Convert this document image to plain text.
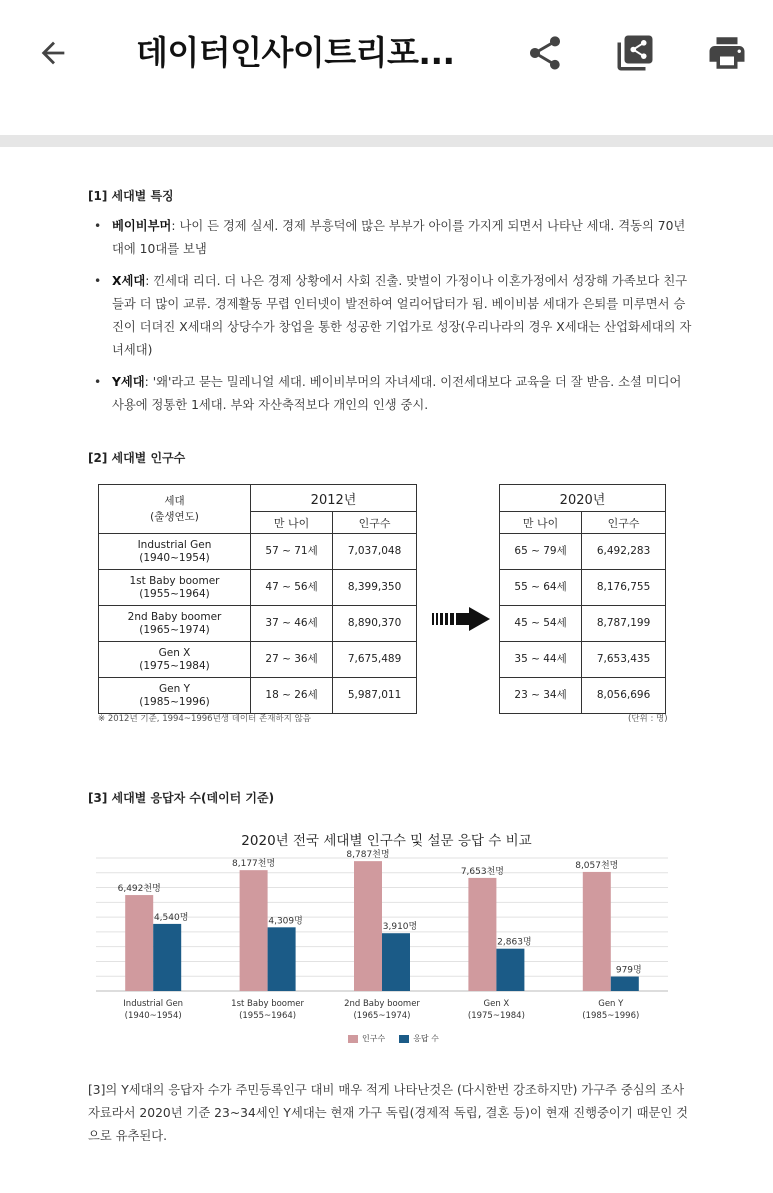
데이터인사이트리포...
[1] 세대별 특징
• 베이비부머: 나이 든 경제 실세. 경제 부흥덕에 많은 부부가 아이를 가지게 되면서 나타난 세대. 격동의 70년대에 10대를 보냄
• X세대: 낀세대 리더. 더 나은 경제 상황에서 사회 진출. 맞벌이 가정이나 이혼가정에서 성장해 가족보다 친구들과 더 많이 교류. 경제활동 무렵 인터넷이 발전하여 얼리어답터가 됨. 베이비붐 세대가 은퇴를 미루면서 승진이 더뎌진 X세대의 상당수가 창업을 통한 성공한 기업가로 성장(우리나라의 경우 X세대는 산업화세대의 자녀세대)
• Y세대: '왜'라고 묻는 밀레니얼 세대. 베이비부머의 자녀세대. 이전세대보다 교육을 더 잘 받음. 소셜 미디어 사용에 정통한 1세대. 부와 자산축적보다 개인의 인생 중시.
[2] 세대별 인구수
세대
(출생연도)	2012년	
	만 나이	인구수
Industrial Gen
(1940~1954)	57 ~ 71세	7,037,048
1st Baby boomer
(1955~1964)	47 ~ 56세	8,399,350
2nd Baby boomer
(1965~1974)	37 ~ 46세	8,890,370
Gen X
(1975~1984)	27 ~ 36세	7,675,489
Gen Y
(1985~1996)	18 ~ 26세	5,987,011
2020년	
만 나이	인구수
65 ~ 79세	6,492,283
55 ~ 64세	8,176,755
45 ~ 54세	8,787,199
35 ~ 44세	7,653,435
23 ~ 34세	8,056,696
※ 2012년 기준, 1994~1996년생 데이터 존재하지 않음	(단위 : 명)
[3] 세대별 응답자 수(데이터 기준)
2020년 전국 세대별 인구수 및 설문 응답 수 비교
6,492천명
4,540명
Industrial Gen
(1940~1954)
8,177천명
4,309명
1st Baby boomer
(1955~1964)
8,787천명
3,910명
2nd Baby boomer
(1965~1974)
7,653천명
2,863명
Gen X
(1975~1984)
8,057천명
979명
Gen Y
(1985~1996)
인구수	응답 수
[3]의 Y세대의 응답자 수가 주민등록인구 대비 매우 적게 나타난것은 (다시한번 강조하지만) 가구주 중심의 조사 자료라서 2020년 기준 23~34세인 Y세대는 현재 가구 독립(경제적 독립, 결혼 등)이 현재 진행중이기 때문인 것으로 유추된다.
